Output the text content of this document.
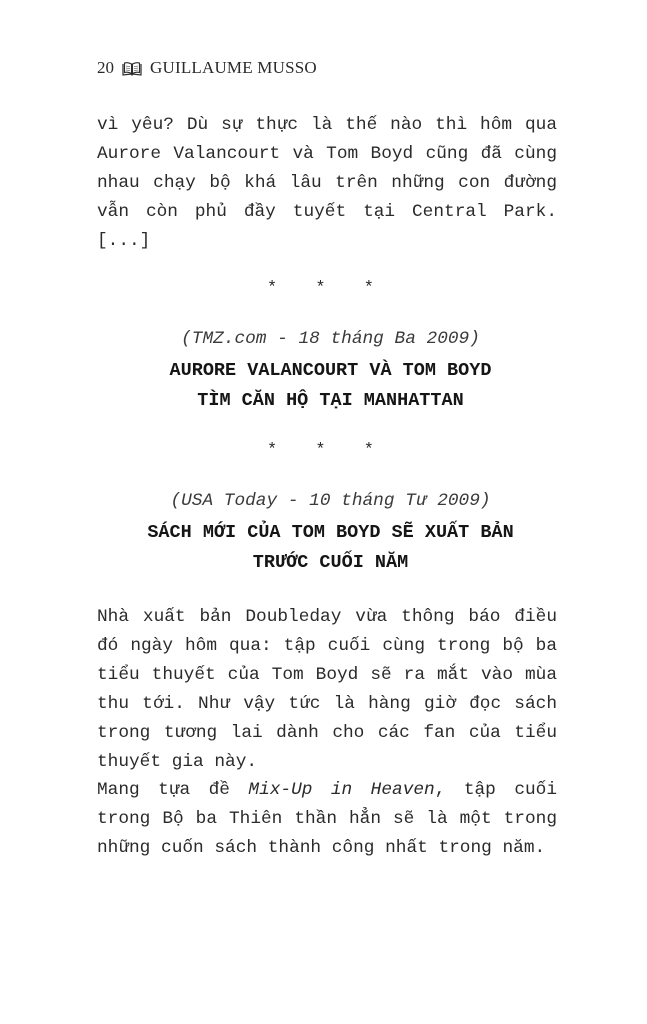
20 GUILLAUME MUSSO

vì yêu? Dù sự thực là thế nào thì hôm qua Aurore Valancourt và Tom Boyd cũng đã cùng nhau chạy bộ khá lâu trên những con đường vẫn còn phủ đầy tuyết tại Central Park. [...]

* * *
(TMZ.com - 18 tháng Ba 2009)
AURORE VALANCOURT VÀ TOM BOYD
TÌM CĂN HỘ TẠI MANHATTAN
* * *
(USA Today - 10 tháng Tư 2009)
SÁCH MỚI CỦA TOM BOYD SẼ XUẤT BẢN
TRƯỚC CUỐI NĂM

Nhà xuất bản Doubleday vừa thông báo điều đó ngày hôm qua: tập cuối cùng trong bộ ba tiểu thuyết của Tom Boyd sẽ ra mắt vào mùa thu tới. Như vậy tức là hàng giờ đọc sách trong tương lai dành cho các fan của tiểu thuyết gia này.

Mang tựa đề Mix-Up in Heaven, tập cuối trong Bộ ba Thiên thần hẳn sẽ là một trong những cuốn sách thành công nhất trong năm.
